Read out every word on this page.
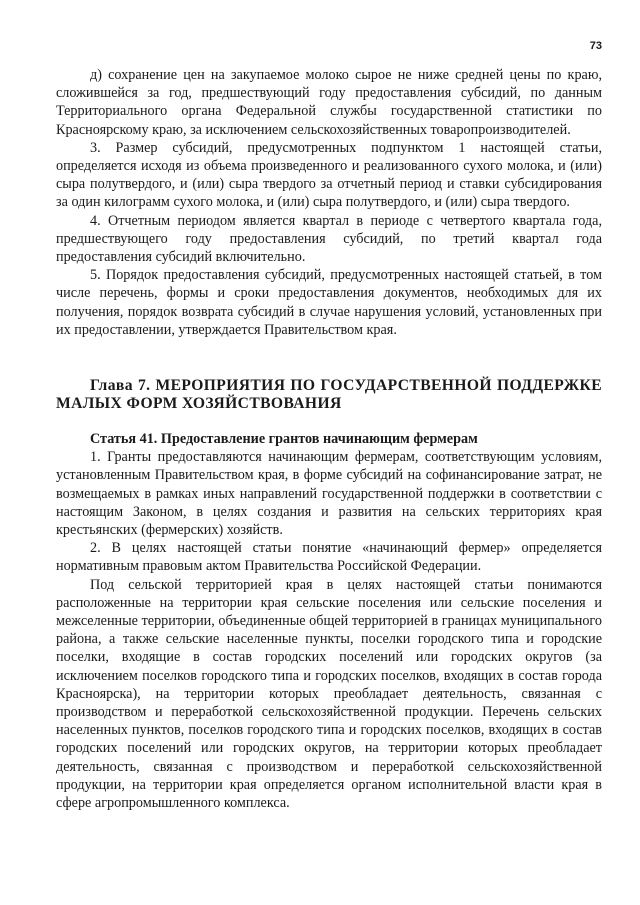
73

д) сохранение цен на закупаемое молоко сырое не ниже средней цены по краю, сложившейся за год, предшествующий году предоставления субсидий, по данным Территориального органа Федеральной службы государственной статистики по Красноярскому краю, за исключением сельскохозяйственных товаропроизводителей.

3. Размер субсидий, предусмотренных подпунктом 1 настоящей статьи, определяется исходя из объема произведенного и реализованного сухого молока, и (или) сыра полутвердого, и (или) сыра твердого за отчетный период и ставки субсидирования за один килограмм сухого молока, и (или) сыра полутвердого, и (или) сыра твердого.

4. Отчетным периодом является квартал в периоде с четвертого квартала года, предшествующего году предоставления субсидий, по третий квартал года предоставления субсидий включительно.

5. Порядок предоставления субсидий, предусмотренных настоящей статьей, в том числе перечень, формы и сроки предоставления документов, необходимых для их получения, порядок возврата субсидий в случае нарушения условий, установленных при их предоставлении, утверждается Правительством края.

Глава 7. МЕРОПРИЯТИЯ ПО ГОСУДАРСТВЕННОЙ ПОДДЕРЖКЕ МАЛЫХ ФОРМ ХОЗЯЙСТВОВАНИЯ

Статья 41. Предоставление грантов начинающим фермерам

1. Гранты предоставляются начинающим фермерам, соответствующим условиям, установленным Правительством края, в форме субсидий на софинансирование затрат, не возмещаемых в рамках иных направлений государственной поддержки в соответствии с настоящим Законом, в целях создания и развития на сельских территориях края крестьянских (фермерских) хозяйств.

2. В целях настоящей статьи понятие «начинающий фермер» определяется нормативным правовым актом Правительства Российской Федерации.

Под сельской территорией края в целях настоящей статьи понимаются расположенные на территории края сельские поселения или сельские поселения и межселенные территории, объединенные общей территорией в границах муниципального района, а также сельские населенные пункты, поселки городского типа и городские поселки, входящие в состав городских поселений или городских округов (за исключением поселков городского типа и городских поселков, входящих в состав города Красноярска), на территории которых преобладает деятельность, связанная с производством и переработкой сельскохозяйственной продукции. Перечень сельских населенных пунктов, поселков городского типа и городских поселков, входящих в состав городских поселений или городских округов, на территории которых преобладает деятельность, связанная с производством и переработкой сельскохозяйственной продукции, на территории края определяется органом исполнительной власти края в сфере агропромышленного комплекса.
